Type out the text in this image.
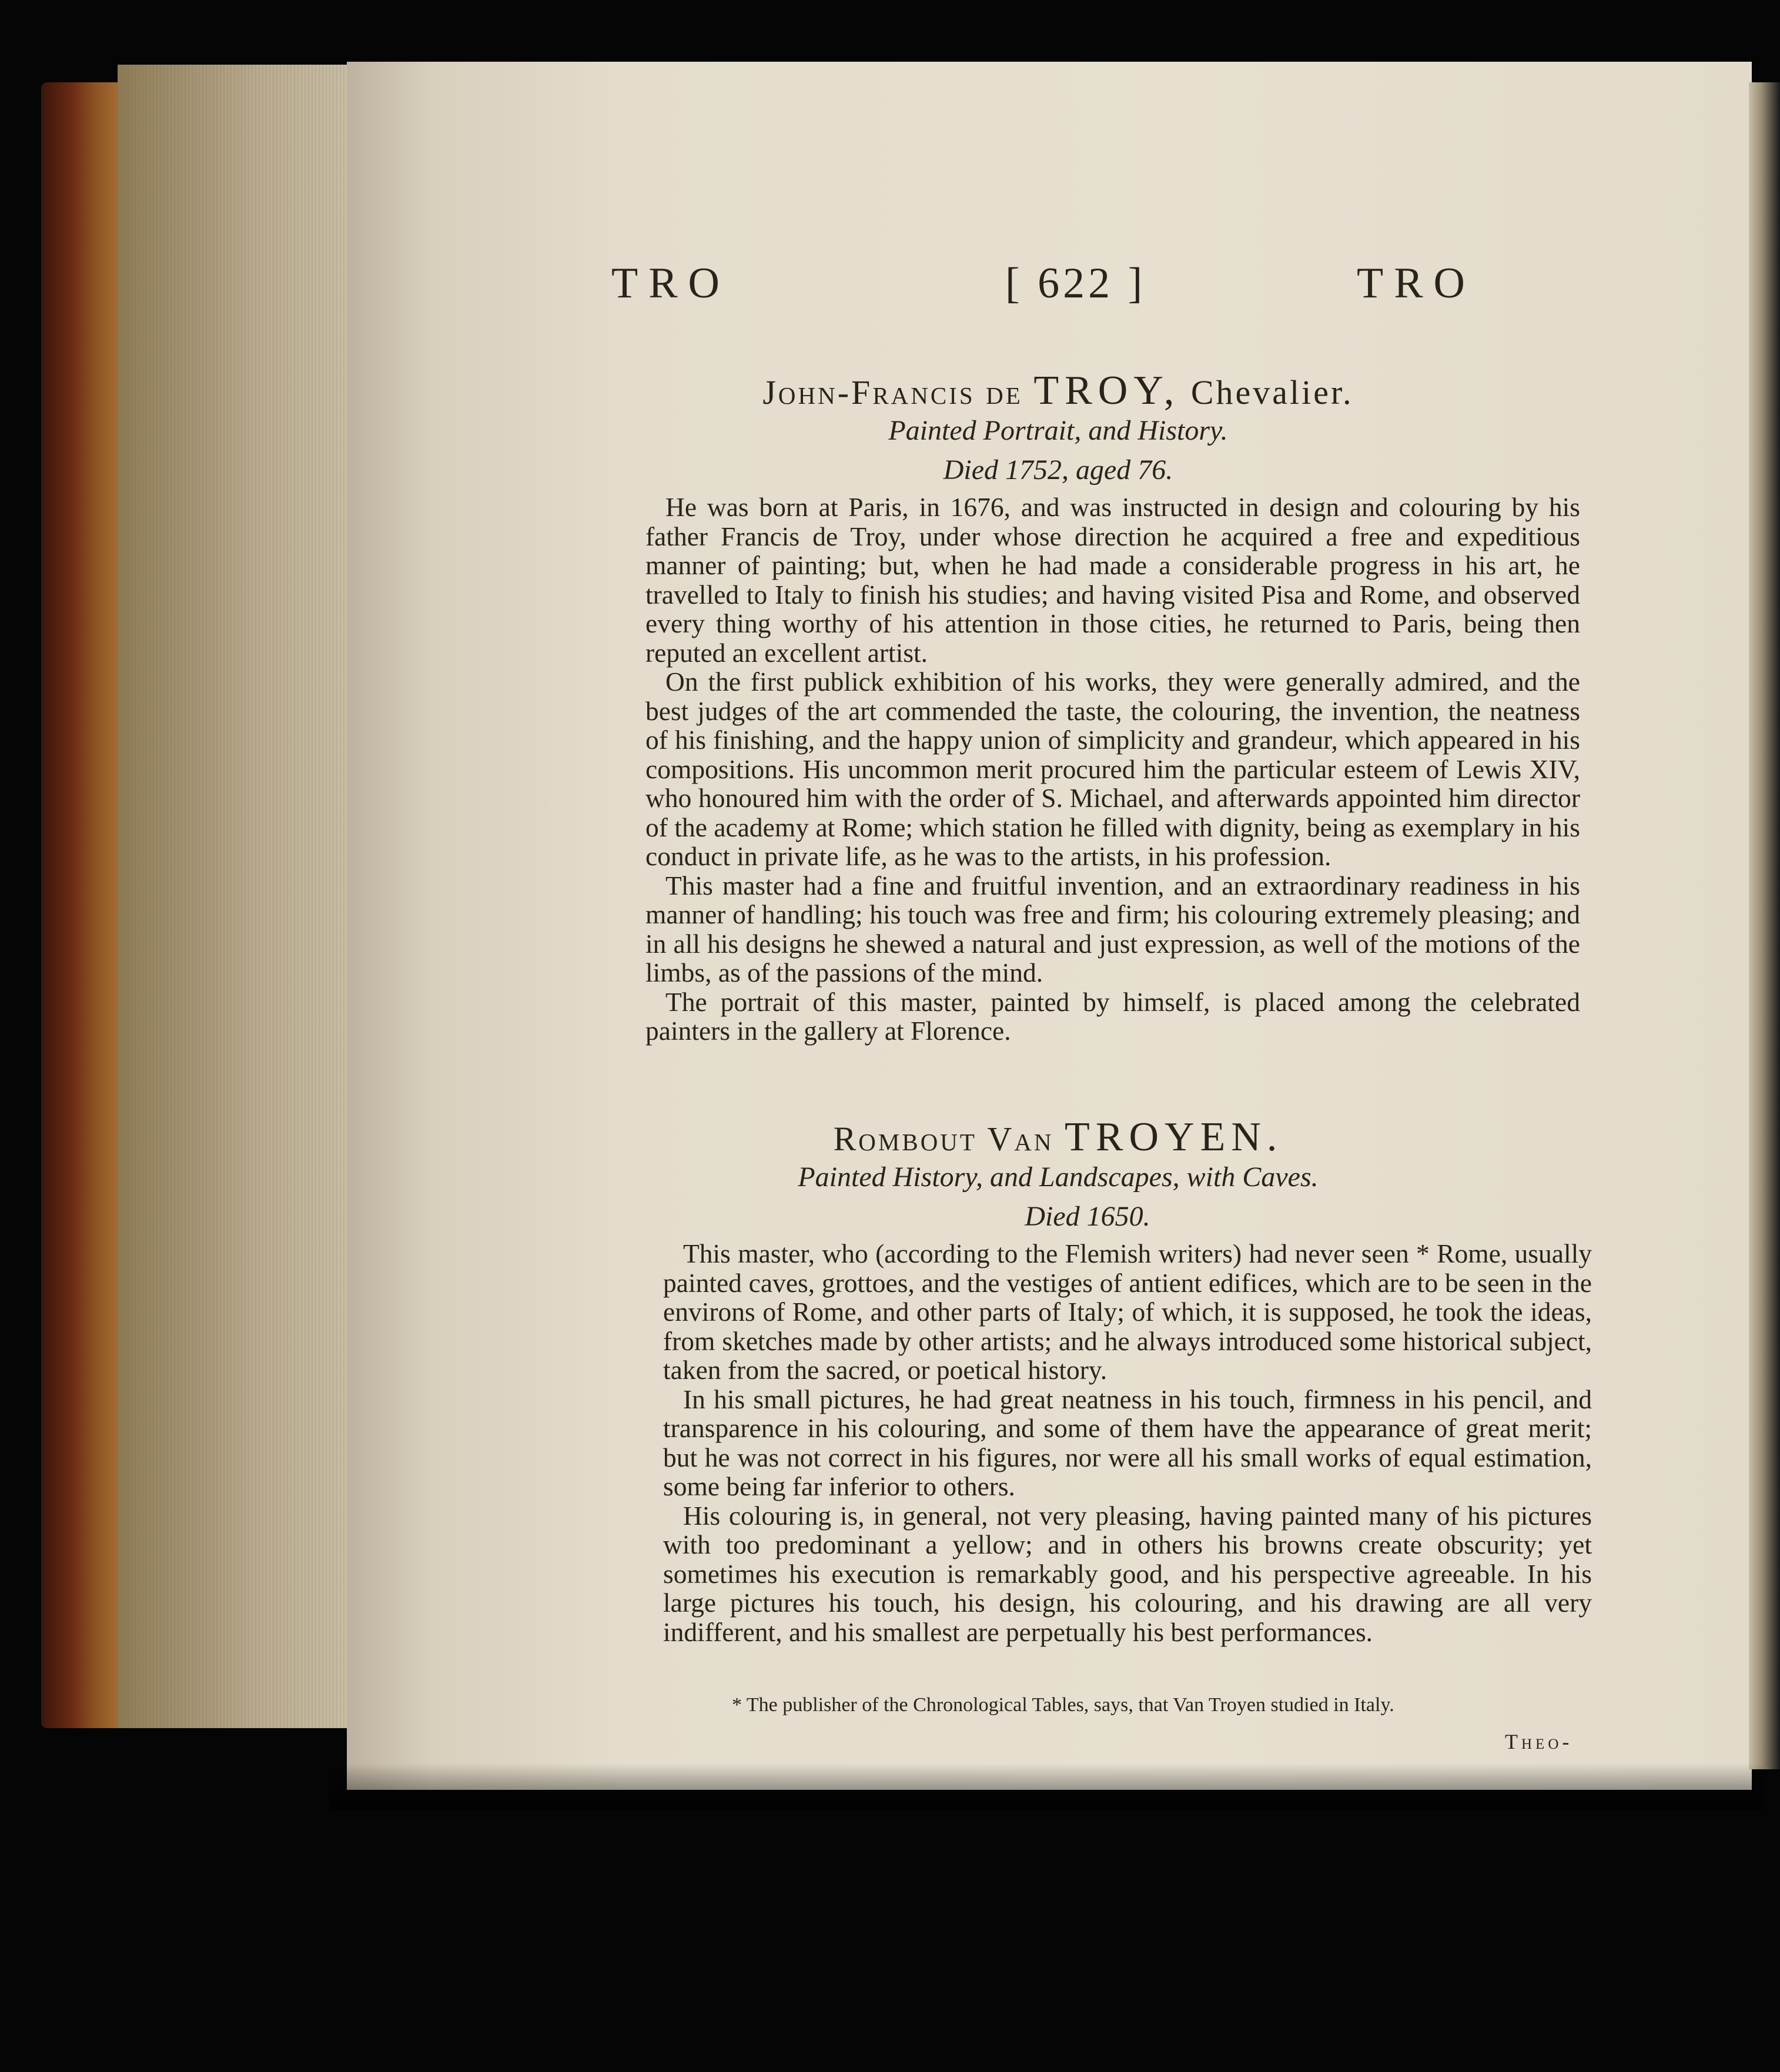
TRO	[ 622 ]	TRO
John-Francis de TROY, Chevalier.
Painted Portrait, and History.
Died 1752, aged 76.

He was born at Paris, in 1676, and was instructed in design and colouring by his father Francis de Troy, under whose direction he acquired a free and expeditious manner of painting; but, when he had made a considerable progress in his art, he travelled to Italy to finish his studies; and having visited Pisa and Rome, and observed every thing worthy of his attention in those cities, he returned to Paris, being then reputed an excellent artist.

On the first publick exhibition of his works, they were generally admired, and the best judges of the art commended the taste, the colouring, the invention, the neatness of his finishing, and the happy union of simplicity and grandeur, which appeared in his compositions. His uncommon merit procured him the particular esteem of Lewis XIV, who honoured him with the order of S. Michael, and afterwards appointed him director of the academy at Rome; which station he filled with dignity, being as exemplary in his conduct in private life, as he was to the artists, in his profession.

This master had a fine and fruitful invention, and an extraordinary readiness in his manner of handling; his touch was free and firm; his colouring extremely pleasing; and in all his designs he shewed a natural and just expression, as well of the motions of the limbs, as of the passions of the mind.

The portrait of this master, painted by himself, is placed among the celebrated painters in the gallery at Florence.

Rombout Van TROYEN.
Painted History, and Landscapes, with Caves.
Died 1650.

This master, who (according to the Flemish writers) had never seen * Rome, usually painted caves, grottoes, and the vestiges of antient edifices, which are to be seen in the environs of Rome, and other parts of Italy; of which, it is supposed, he took the ideas, from sketches made by other artists; and he always introduced some historical subject, taken from the sacred, or poetical history.

In his small pictures, he had great neatness in his touch, firmness in his pencil, and transparence in his colouring, and some of them have the appearance of great merit; but he was not correct in his figures, nor were all his small works of equal estimation, some being far inferior to others.

His colouring is, in general, not very pleasing, having painted many of his pictures with too predominant a yellow; and in others his browns create obscurity; yet sometimes his execution is remarkably good, and his perspective agreeable. In his large pictures his touch, his design, his colouring, and his drawing are all very indifferent, and his smallest are perpetually his best performances.

* The publisher of the Chronological Tables, says, that Van Troyen studied in Italy.
Theo-
